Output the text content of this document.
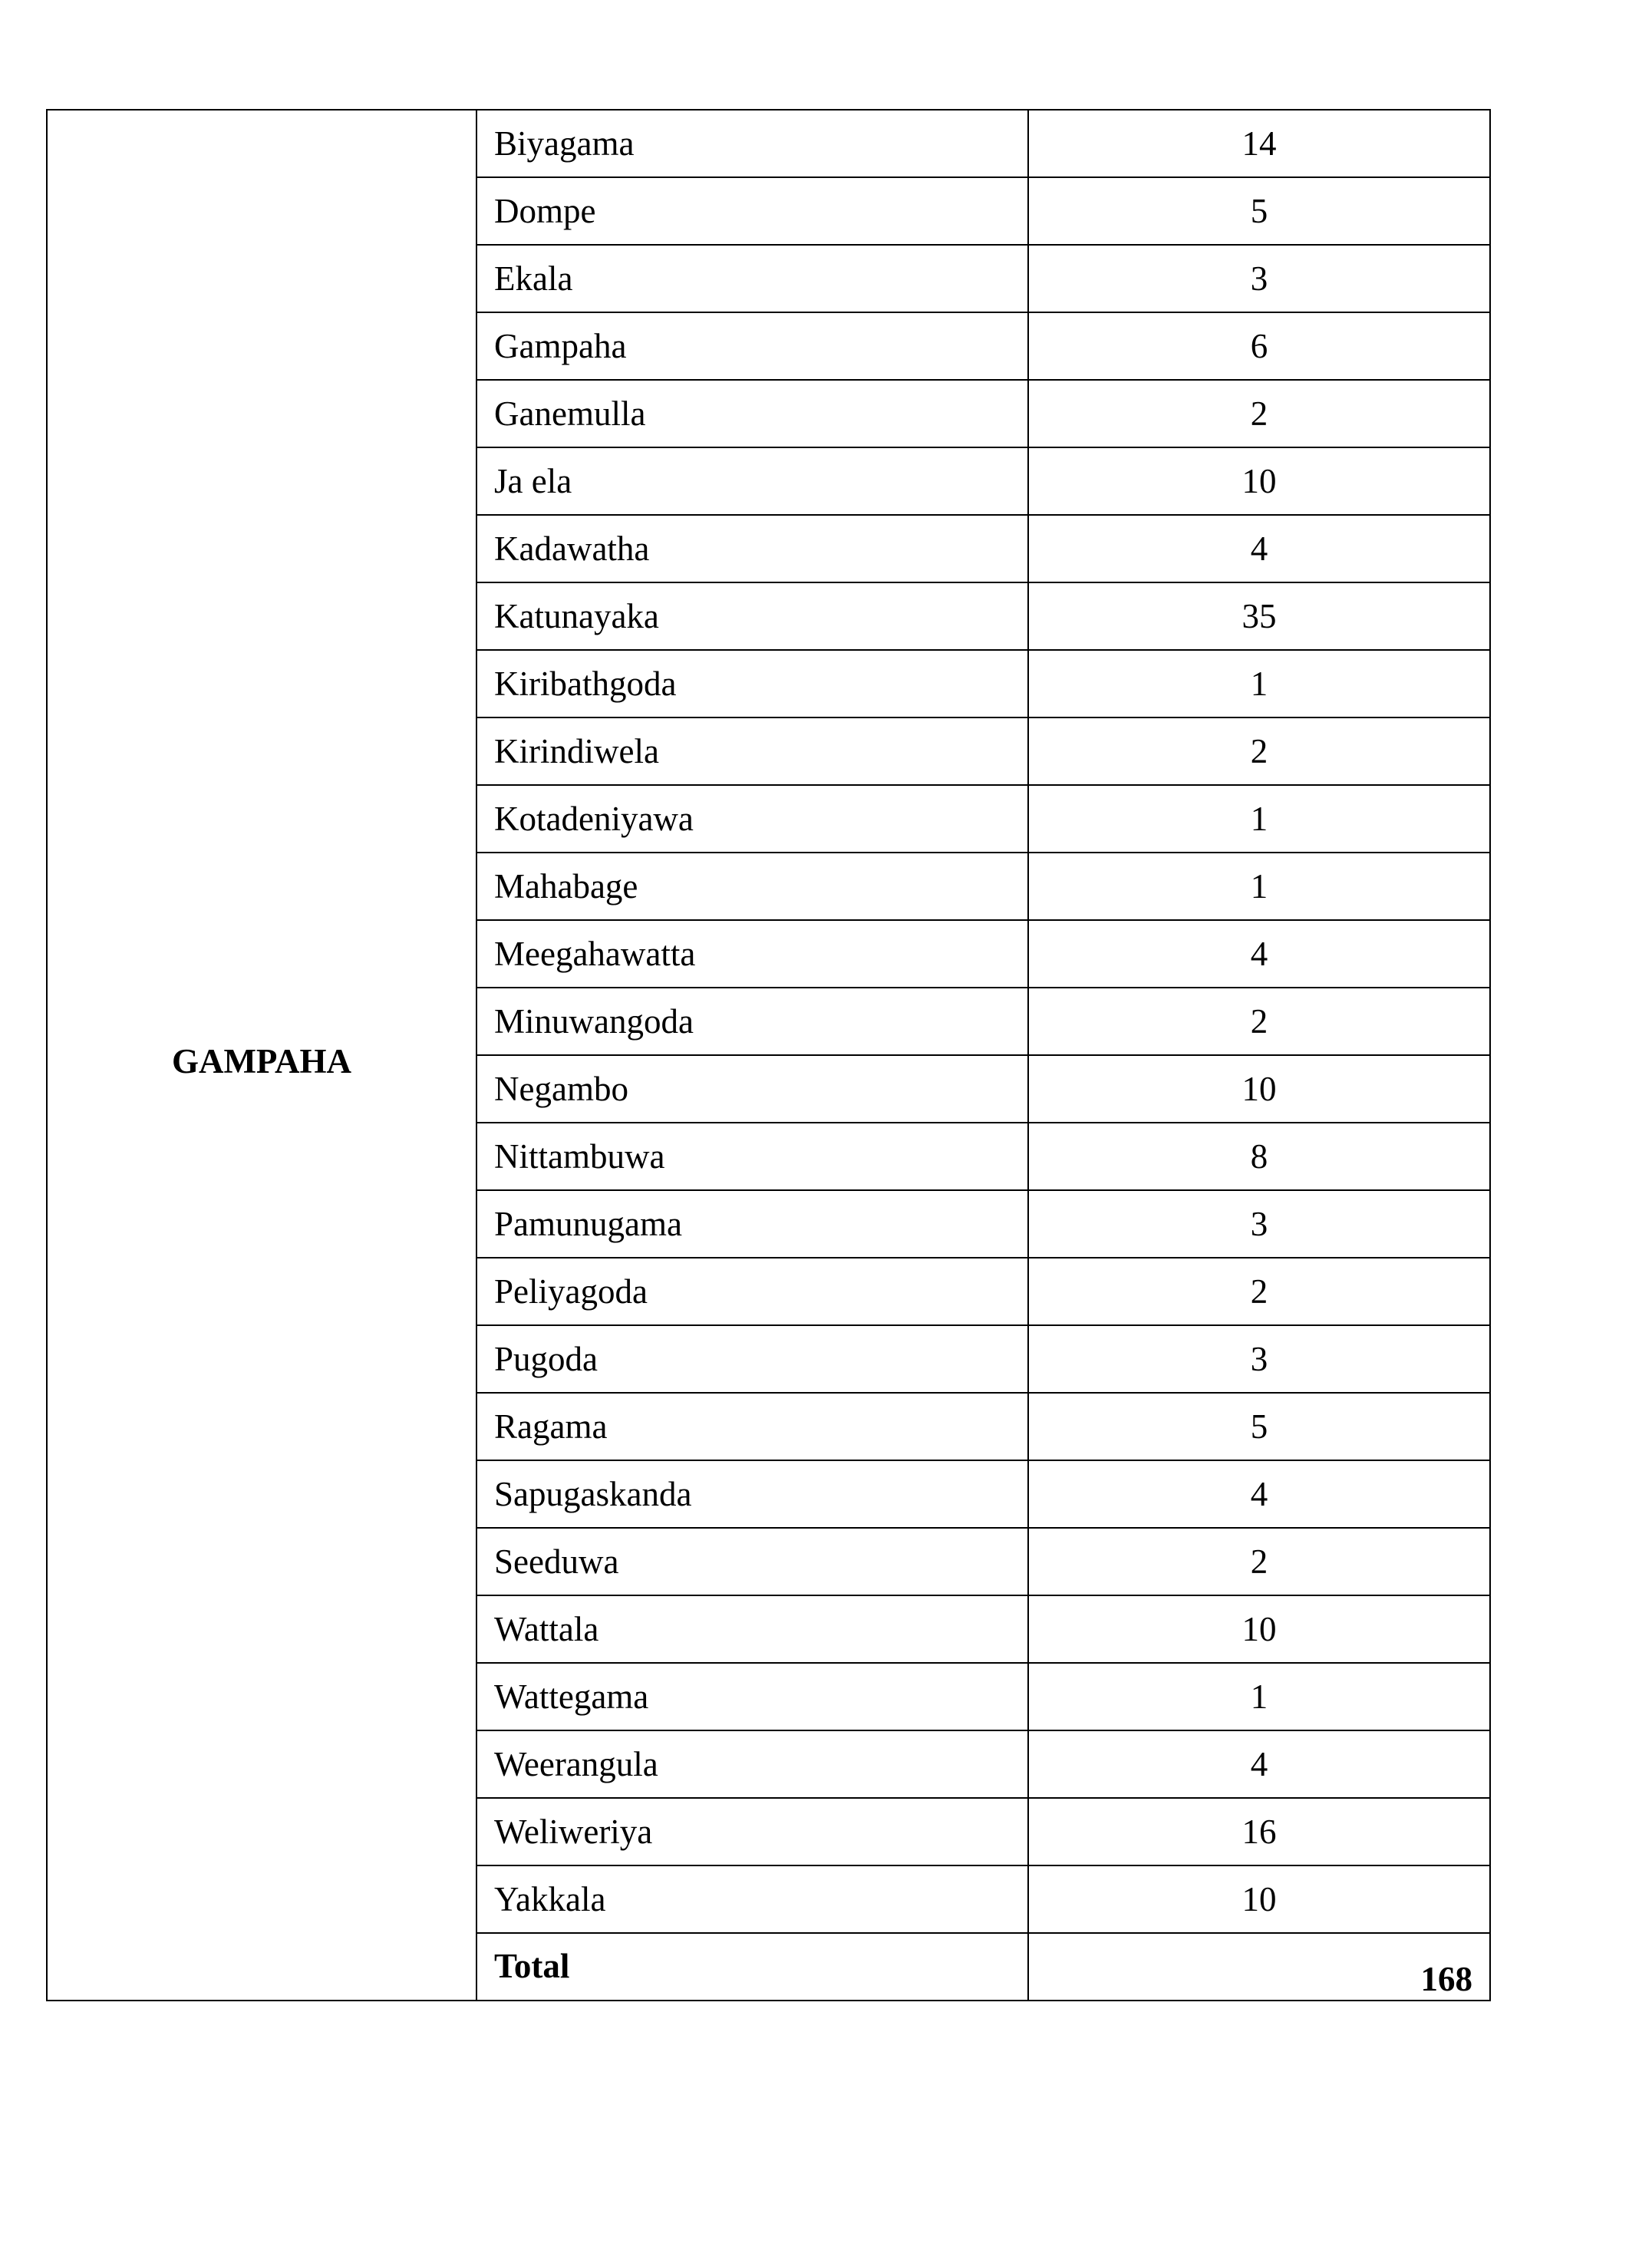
GAMPAHA	Biyagama	14
	Dompe	5
	Ekala	3
	Gampaha	6
	Ganemulla	2
	Ja ela	10
	Kadawatha	4
	Katunayaka	35
	Kiribathgoda	1
	Kirindiwela	2
	Kotadeniyawa	1
	Mahabage	1
	Meegahawatta	4
	Minuwangoda	2
	Negambo	10
	Nittambuwa	8
	Pamunugama	3
	Peliyagoda	2
	Pugoda	3
	Ragama	5
	Sapugaskanda	4
	Seeduwa	2
	Wattala	10
	Wattegama	1
	Weerangula	4
	Weliweriya	16
	Yakkala	10
	Total	168
